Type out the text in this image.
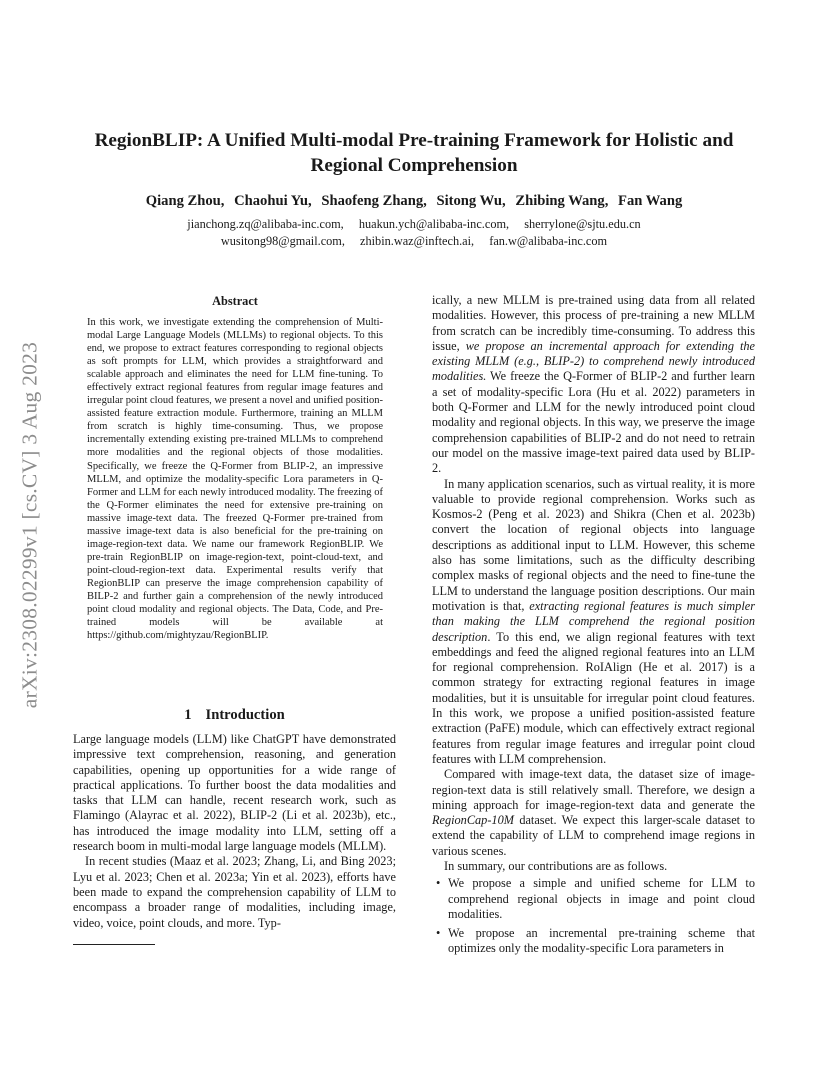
arXiv:2308.02299v1 [cs.CV] 3 Aug 2023
RegionBLIP: A Unified Multi-modal Pre-training Framework for Holistic and Regional Comprehension
Qiang Zhou, Chaohui Yu, Shaofeng Zhang, Sitong Wu, Zhibing Wang, Fan Wang
jianchong.zq@alibaba-inc.com, huakun.ych@alibaba-inc.com, sherrylone@sjtu.edu.cn
wusitong98@gmail.com, zhibin.waz@inftech.ai, fan.w@alibaba-inc.com
Abstract

In this work, we investigate extending the comprehension of Multi-modal Large Language Models (MLLMs) to regional objects. To this end, we propose to extract features corresponding to regional objects as soft prompts for LLM, which provides a straightforward and scalable approach and eliminates the need for LLM fine-tuning. To effectively extract regional features from regular image features and irregular point cloud features, we present a novel and unified position-assisted feature extraction module. Furthermore, training an MLLM from scratch is highly time-consuming. Thus, we propose incrementally extending existing pre-trained MLLMs to comprehend more modalities and the regional objects of those modalities. Specifically, we freeze the Q-Former from BLIP-2, an impressive MLLM, and optimize the modality-specific Lora parameters in Q-Former and LLM for each newly introduced modality. The freezing of the Q-Former eliminates the need for extensive pre-training on massive image-text data. The freezed Q-Former pre-trained from massive image-text data is also beneficial for the pre-training on image-region-text data. We name our framework RegionBLIP. We pre-train RegionBLIP on image-region-text, point-cloud-text, and point-cloud-region-text data. Experimental results verify that RegionBLIP can preserve the image comprehension capability of BILP-2 and further gain a comprehension of the newly introduced point cloud modality and regional objects. The Data, Code, and Pre-trained models will be available at https://github.com/mightyzau/RegionBLIP.

1 Introduction

Large language models (LLM) like ChatGPT have demonstrated impressive text comprehension, reasoning, and generation capabilities, opening up opportunities for a wide range of practical applications. To further boost the data modalities and tasks that LLM can handle, recent research work, such as Flamingo (Alayrac et al. 2022), BLIP-2 (Li et al. 2023b), etc., has introduced the image modality into LLM, setting off a research boom in multi-modal large language models (MLLM).

In recent studies (Maaz et al. 2023; Zhang, Li, and Bing 2023; Lyu et al. 2023; Chen et al. 2023a; Yin et al. 2023), efforts have been made to expand the comprehension capability of LLM to encompass a broader range of modalities, including image, video, voice, point clouds, and more. Typ-

ically, a new MLLM is pre-trained using data from all related modalities. However, this process of pre-training a new MLLM from scratch can be incredibly time-consuming. To address this issue, we propose an incremental approach for extending the existing MLLM (e.g., BLIP-2) to comprehend newly introduced modalities. We freeze the Q-Former of BLIP-2 and further learn a set of modality-specific Lora (Hu et al. 2022) parameters in both Q-Former and LLM for the newly introduced point cloud modality and regional objects. In this way, we preserve the image comprehension capabilities of BLIP-2 and do not need to retrain our model on the massive image-text paired data used by BLIP-2.

In many application scenarios, such as virtual reality, it is more valuable to provide regional comprehension. Works such as Kosmos-2 (Peng et al. 2023) and Shikra (Chen et al. 2023b) convert the location of regional objects into language descriptions as additional input to LLM. However, this scheme also has some limitations, such as the difficulty describing complex masks of regional objects and the need to fine-tune the LLM to understand the language position descriptions. Our main motivation is that, extracting regional features is much simpler than making the LLM comprehend the regional position description. To this end, we align regional features with text embeddings and feed the aligned regional features into an LLM for regional comprehension. RoIAlign (He et al. 2017) is a common strategy for extracting regional features in image modalities, but it is unsuitable for irregular point cloud features. In this work, we propose a unified position-assisted feature extraction (PaFE) module, which can effectively extract regional features from regular image features and irregular point cloud features with LLM comprehension.

Compared with image-text data, the dataset size of image-region-text data is still relatively small. Therefore, we design a mining approach for image-region-text data and generate the RegionCap-10M dataset. We expect this larger-scale dataset to extend the capability of LLM to comprehend image regions in various scenes.

In summary, our contributions are as follows.

• We propose a simple and unified scheme for LLM to comprehend regional objects in image and point cloud modalities.
• We propose an incremental pre-training scheme that optimizes only the modality-specific Lora parameters in
